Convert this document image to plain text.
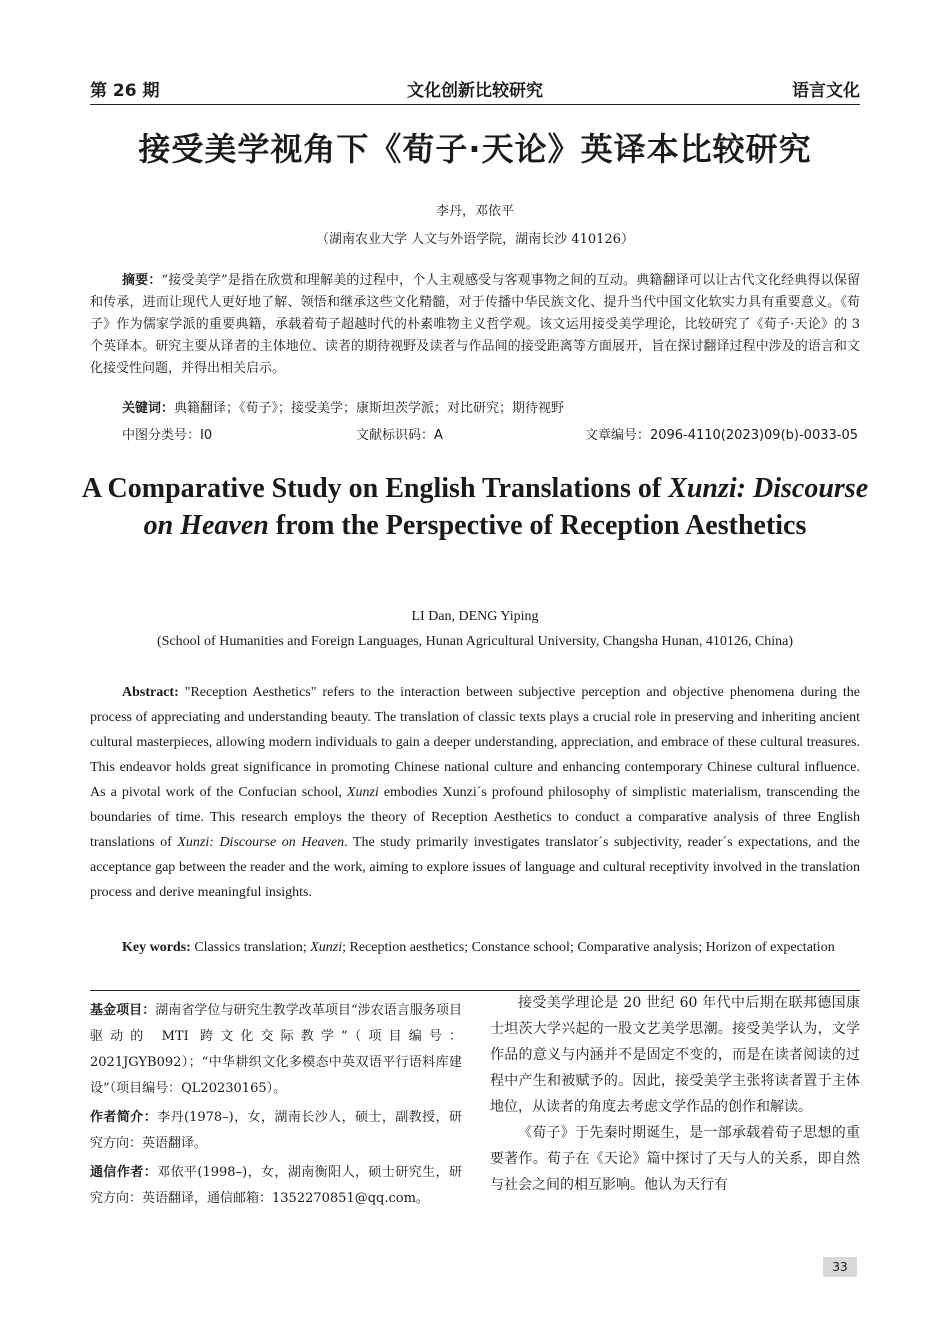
第 26 期	文化创新比较研究	语言文化
接受美学视角下《荀子·天论》英译本比较研究
李丹，邓依平
（湖南农业大学 人文与外语学院，湖南长沙 410126）
摘要：“接受美学”是指在欣赏和理解美的过程中，个人主观感受与客观事物之间的互动。典籍翻译可以让古代文化经典得以保留和传承，进而让现代人更好地了解、领悟和继承这些文化精髓，对于传播中华民族文化、提升当代中国文化软实力具有重要意义。《荀子》作为儒家学派的重要典籍，承载着荀子超越时代的朴素唯物主义哲学观。该文运用接受美学理论，比较研究了《荀子·天论》的 3 个英译本。研究主要从译者的主体地位、读者的期待视野及读者与作品间的接受距离等方面展开，旨在探讨翻译过程中涉及的语言和文化接受性问题，并得出相关启示。
关键词：典籍翻译；《荀子》；接受美学；康斯坦茨学派；对比研究；期待视野
中图分类号：I0	文献标识码：A	文章编号：2096-4110(2023)09(b)-0033-05
A Comparative Study on English Translations of Xunzi: Discourse on Heaven from the Perspective of Reception Aesthetics
LI Dan, DENG Yiping
(School of Humanities and Foreign Languages, Hunan Agricultural University, Changsha Hunan, 410126, China)
Abstract: "Reception Aesthetics" refers to the interaction between subjective perception and objective phenomena during the process of appreciating and understanding beauty. The translation of classic texts plays a crucial role in preserving and inheriting ancient cultural masterpieces, allowing modern individuals to gain a deeper understanding, appreciation, and embrace of these cultural treasures. This endeavor holds great significance in promoting Chinese national culture and enhancing contemporary Chinese cultural influence. As a pivotal work of the Confucian school, Xunzi embodies Xunzi´s profound philosophy of simplistic materialism, transcending the boundaries of time. This research employs the theory of Reception Aesthetics to conduct a comparative analysis of three English translations of Xunzi: Discourse on Heaven. The study primarily investigates translator´s subjectivity, reader´s expectations, and the acceptance gap between the reader and the work, aiming to explore issues of language and cultural receptivity involved in the translation process and derive meaningful insights.
Key words: Classics translation; Xunzi; Reception aesthetics; Constance school; Comparative analysis; Horizon of expectation

基金项目：湖南省学位与研究生教学改革项目“涉农语言服务项目驱动的 MTI 跨文化交际教学”（项目编号：2021JGYB092）；“中华耕织文化多模态中英双语平行语料库建设”（项目编号：QL20230165）。

作者简介：李丹(1978–)，女，湖南长沙人，硕士，副教授，研究方向：英语翻译。

通信作者：邓依平(1998–)，女，湖南衡阳人，硕士研究生，研究方向：英语翻译，通信邮箱：1352270851@qq.com。

接受美学理论是 20 世纪 60 年代中后期在联邦德国康士坦茨大学兴起的一股文艺美学思潮。接受美学认为，文学作品的意义与内涵并不是固定不变的，而是在读者阅读的过程中产生和被赋予的。因此，接受美学主张将读者置于主体地位，从读者的角度去考虑文学作品的创作和解读。

《荀子》于先秦时期诞生，是一部承载着荀子思想的重要著作。荀子在《天论》篇中探讨了天与人的关系，即自然与社会之间的相互影响。他认为天行有

33
